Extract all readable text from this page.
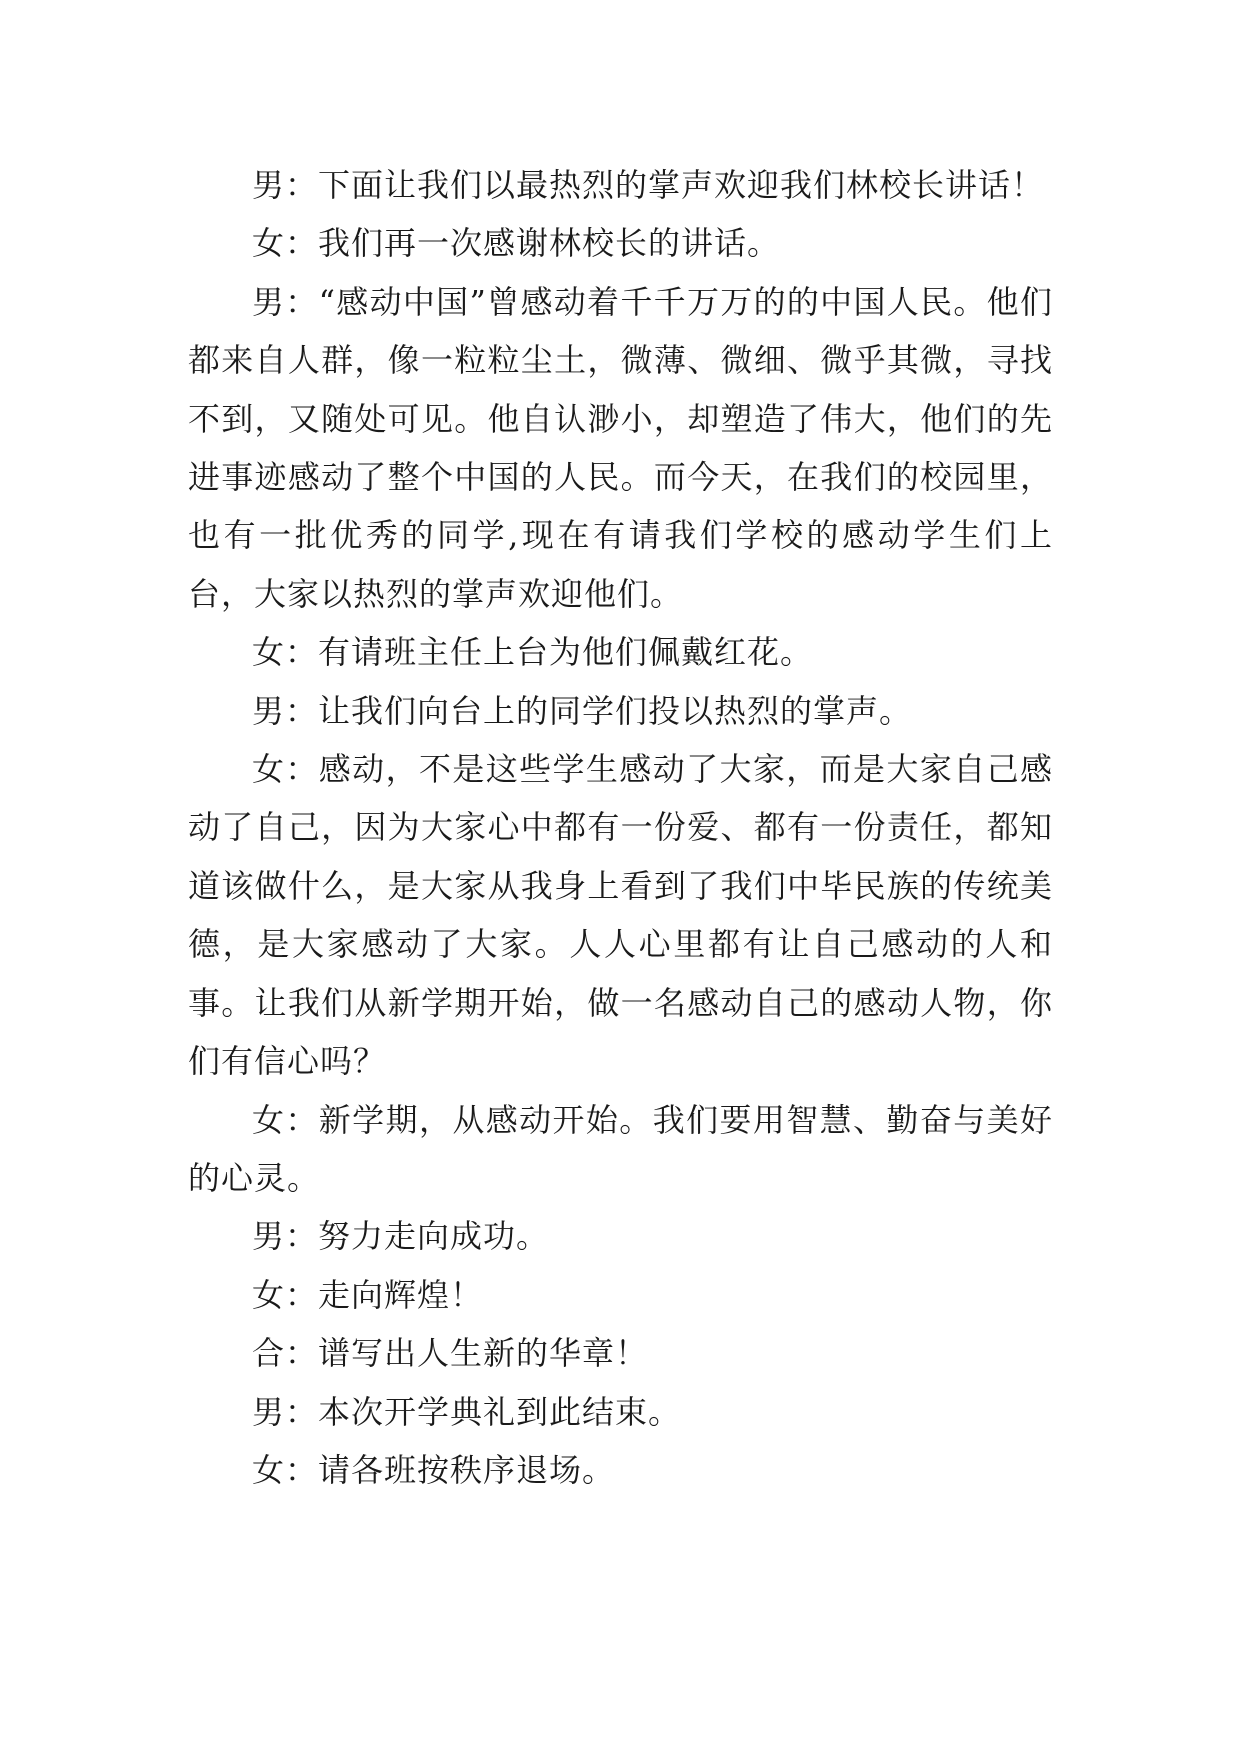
男：下面让我们以最热烈的掌声欢迎我们林校长讲话！

女：我们再一次感谢林校长的讲话。

男：“感动中国”曾感动着千千万万的的中国人民。他们都来自人群，像一粒粒尘土，微薄、微细、微乎其微，寻找不到，又随处可见。他自认渺小，却塑造了伟大，他们的先进事迹感动了整个中国的人民。而今天，在我们的校园里，也有一批优秀的同学,现在有请我们学校的感动学生们上台，大家以热烈的掌声欢迎他们。

女：有请班主任上台为他们佩戴红花。

男：让我们向台上的同学们投以热烈的掌声。

女：感动，不是这些学生感动了大家，而是大家自己感动了自己，因为大家心中都有一份爱、都有一份责任，都知道该做什么，是大家从我身上看到了我们中毕民族的传统美德，是大家感动了大家。人人心里都有让自己感动的人和事。让我们从新学期开始，做一名感动自己的感动人物，你们有信心吗？

女：新学期，从感动开始。我们要用智慧、勤奋与美好的心灵。

男：努力走向成功。

女：走向辉煌！

合：谱写出人生新的华章！

男：本次开学典礼到此结束。

女：请各班按秩序退场。
